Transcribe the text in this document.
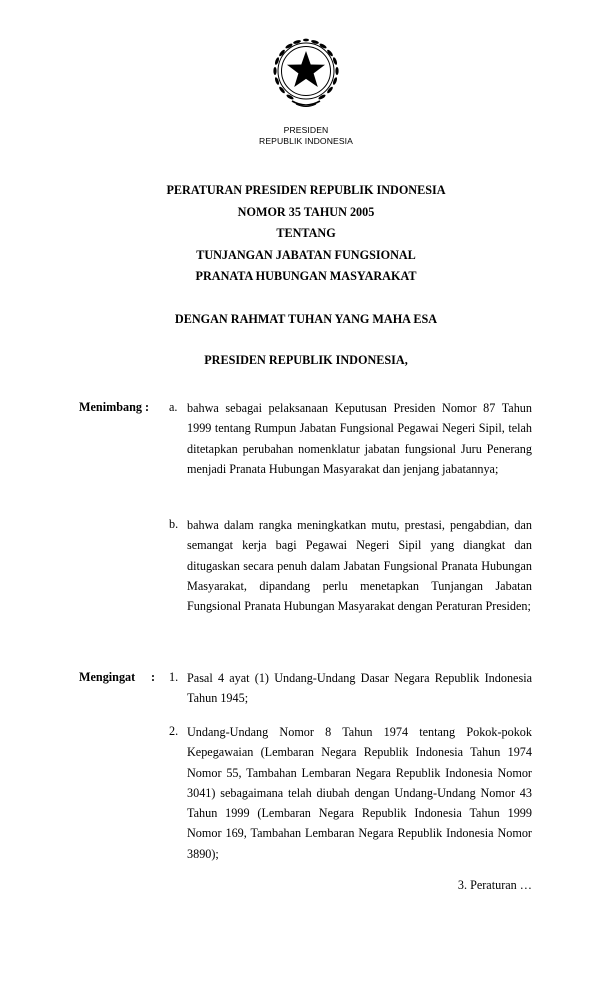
PRESIDEN
REPUBLIK INDONESIA
PERATURAN PRESIDEN REPUBLIK INDONESIA
NOMOR 35 TAHUN 2005
TENTANG
TUNJANGAN JABATAN FUNGSIONAL
PRANATA HUBUNGAN MASYARAKAT
DENGAN RAHMAT TUHAN YANG MAHA ESA
PRESIDEN REPUBLIK INDONESIA,
Menimbang :	a. bahwa sebagai pelaksanaan Keputusan Presiden Nomor 87 Tahun 1999 tentang Rumpun Jabatan Fungsional Pegawai Negeri Sipil, telah ditetapkan perubahan nomenklatur jabatan fungsional Juru Penerang menjadi Pranata Hubungan Masyarakat dan jenjang jabatannya;
b. bahwa dalam rangka meningkatkan mutu, prestasi, pengabdian, dan semangat kerja bagi Pegawai Negeri Sipil yang diangkat dan ditugaskan secara penuh dalam Jabatan Fungsional Pranata Hubungan Masyarakat, dipandang perlu menetapkan Tunjangan Jabatan Fungsional Pranata Hubungan Masyarakat dengan Peraturan Presiden;
Mengingat	: 1. Pasal 4 ayat (1) Undang-Undang Dasar Negara Republik Indonesia Tahun 1945;
2. Undang-Undang Nomor 8 Tahun 1974 tentang Pokok-pokok Kepegawaian (Lembaran Negara Republik Indonesia Tahun 1974 Nomor 55, Tambahan Lembaran Negara Republik Indonesia Nomor 3041) sebagaimana telah diubah dengan Undang-Undang Nomor 43 Tahun 1999 (Lembaran Negara Republik Indonesia Tahun 1999 Nomor 169, Tambahan Lembaran Negara Republik Indonesia Nomor 3890);
3. Peraturan …
